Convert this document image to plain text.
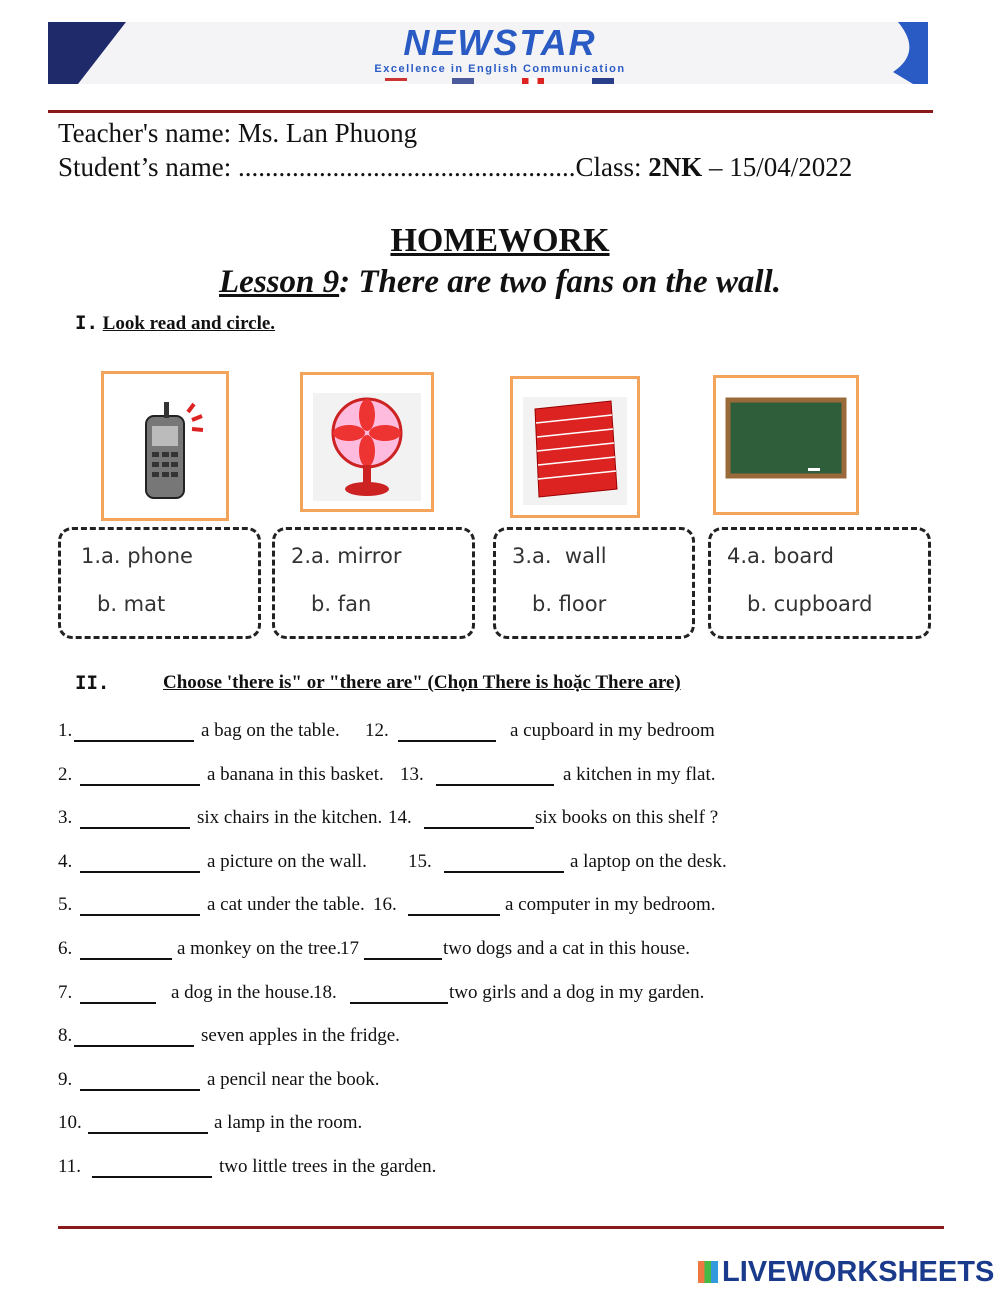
NEWSTAR
Excellence in English Communication
Teacher's name: Ms. Lan Phuong
Student’s name: ..................................................Class: 2NK – 15/04/2022
HOMEWORK
Lesson 9: There are two fans on the wall.
I. Look read and circle.
1.a. phone
b. mat
2.a. mirror
b. fan
3.a.  wall
b. floor
4.a. board
b. cupboard
II.	Choose 'there is" or "there are" (Chọn There is hoặc There are)
1.	a bag on the table. 12.	a cupboard in my bedroom
2.	a banana in this basket. 13.	a kitchen in my flat.
3.	six chairs in the kitchen. 14.	six books on this shelf ?
4.	a picture on the wall. 15.	a laptop on the desk.
5.	a cat under the table. 16.	a computer in my bedroom.
6.	a monkey on the tree.
17	two dogs and a cat in this house.
7.	a dog in the house.
18.	two girls and a dog in my garden.
8.	seven apples in the fridge.
9.	a pencil near the book.
10.	a lamp in the room.
11.	two little trees in the garden.
LIVEWORKSHEETS
